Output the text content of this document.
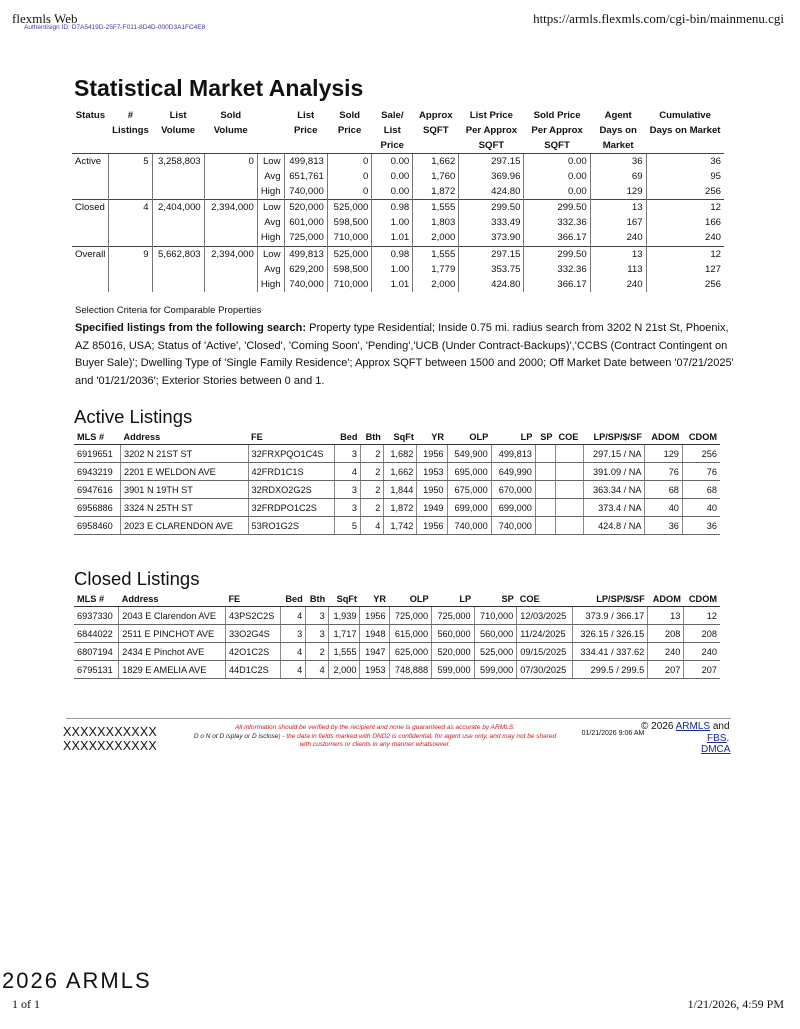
flexmls Web
Authentisign ID: D7A5419D-25F7-F011-8D4D-000D3A1FC4E8
https://armls.flexmls.com/cgi-bin/mainmenu.cgi
Statistical Market Analysis
Status	# Listings	List Volume	Sold Volume		List Price	Sold Price	Sale/ List Price	Approx SQFT	List Price Per Approx SQFT	Sold Price Per Approx SQFT	Agent Days on Market	Cumulative Days on Market
Active	5	3,258,803	0	Low	499,813	0	0.00	1,662	297.15	0.00	36	36
				Avg	651,761	0	0.00	1,760	369.96	0.00	69	95
				High	740,000	0	0.00	1,872	424.80	0.00	129	256
Closed	4	2,404,000	2,394,000	Low	520,000	525,000	0.98	1,555	299.50	299.50	13	12
				Avg	601,000	598,500	1.00	1,803	333.49	332.36	167	166
				High	725,000	710,000	1.01	2,000	373.90	366.17	240	240
Overall	9	5,662,803	2,394,000	Low	499,813	525,000	0.98	1,555	297.15	299.50	13	12
				Avg	629,200	598,500	1.00	1,779	353.75	332.36	113	127
				High	740,000	710,000	1.01	2,000	424.80	366.17	240	256
Selection Criteria for Comparable Properties
Specified listings from the following search: Property type Residential; Inside 0.75 mi. radius search from 3202 N 21st St, Phoenix, AZ 85016, USA; Status of 'Active', 'Closed', 'Coming Soon', 'Pending','UCB (Under Contract-Backups)','CCBS (Contract Contingent on Buyer Sale)'; Dwelling Type of 'Single Family Residence'; Approx SQFT between 1500 and 2000; Off Market Date between '07/21/2025' and '01/21/2036'; Exterior Stories between 0 and 1.
Active Listings
MLS #	Address	FE	Bed	Bth	SqFt	YR	OLP	LP	SP	COE	LP/SP/$/SF	ADOM	CDOM
6919651	3202 N 21ST ST	32FRXPQO1C4S	3	2	1,682	1956	549,900	499,813			297.15 / NA	129	256
6943219	2201 E WELDON AVE	42FRD1C1S	4	2	1,662	1953	695,000	649,990			391.09 / NA	76	76
6947616	3901 N 19TH ST	32RDXO2G2S	3	2	1,844	1950	675,000	670,000			363.34 / NA	68	68
6956886	3324 N 25TH ST	32FRDPO1C2S	3	2	1,872	1949	699,000	699,000			373.4 / NA	40	40
6958460	2023 E CLARENDON AVE	53RO1G2S	5	4	1,742	1956	740,000	740,000			424.8 / NA	36	36
Closed Listings
MLS #	Address	FE	Bed	Bth	SqFt	YR	OLP	LP	SP	COE	LP/SP/$/SF	ADOM	CDOM
6937330	2043 E Clarendon AVE	43PS2C2S	4	3	1,939	1956	725,000	725,000	710,000	12/03/2025	373.9 / 366.17	13	12
6844022	2511 E PINCHOT AVE	33O2G4S	3	3	1,717	1948	615,000	560,000	560,000	11/24/2025	326.15 / 326.15	208	208
6807194	2434 E Pinchot AVE	42O1C2S	4	2	1,555	1947	625,000	520,000	525,000	09/15/2025	334.41 / 337.62	240	240
6795131	1829 E AMELIA AVE	44D1C2S	4	4	2,000	1953	748,888	599,000	599,000	07/30/2025	299.5 / 299.5	207	207
XXXXXXXXXXX
XXXXXXXXXXX
All information should be verified by the recipient and none is guaranteed as accurate by ARMLS.
D o N ot D isplay or D isclose) - the data in fields marked with DND2 is confidential, for agent use only, and may not be shared
with customers or clients in any manner whatsoever.
01/21/2026 9:06 AM
© 2026 ARMLS and
FBS.
DMCA
2026 ARMLS
1 of 1	1/21/2026, 4:59 PM
